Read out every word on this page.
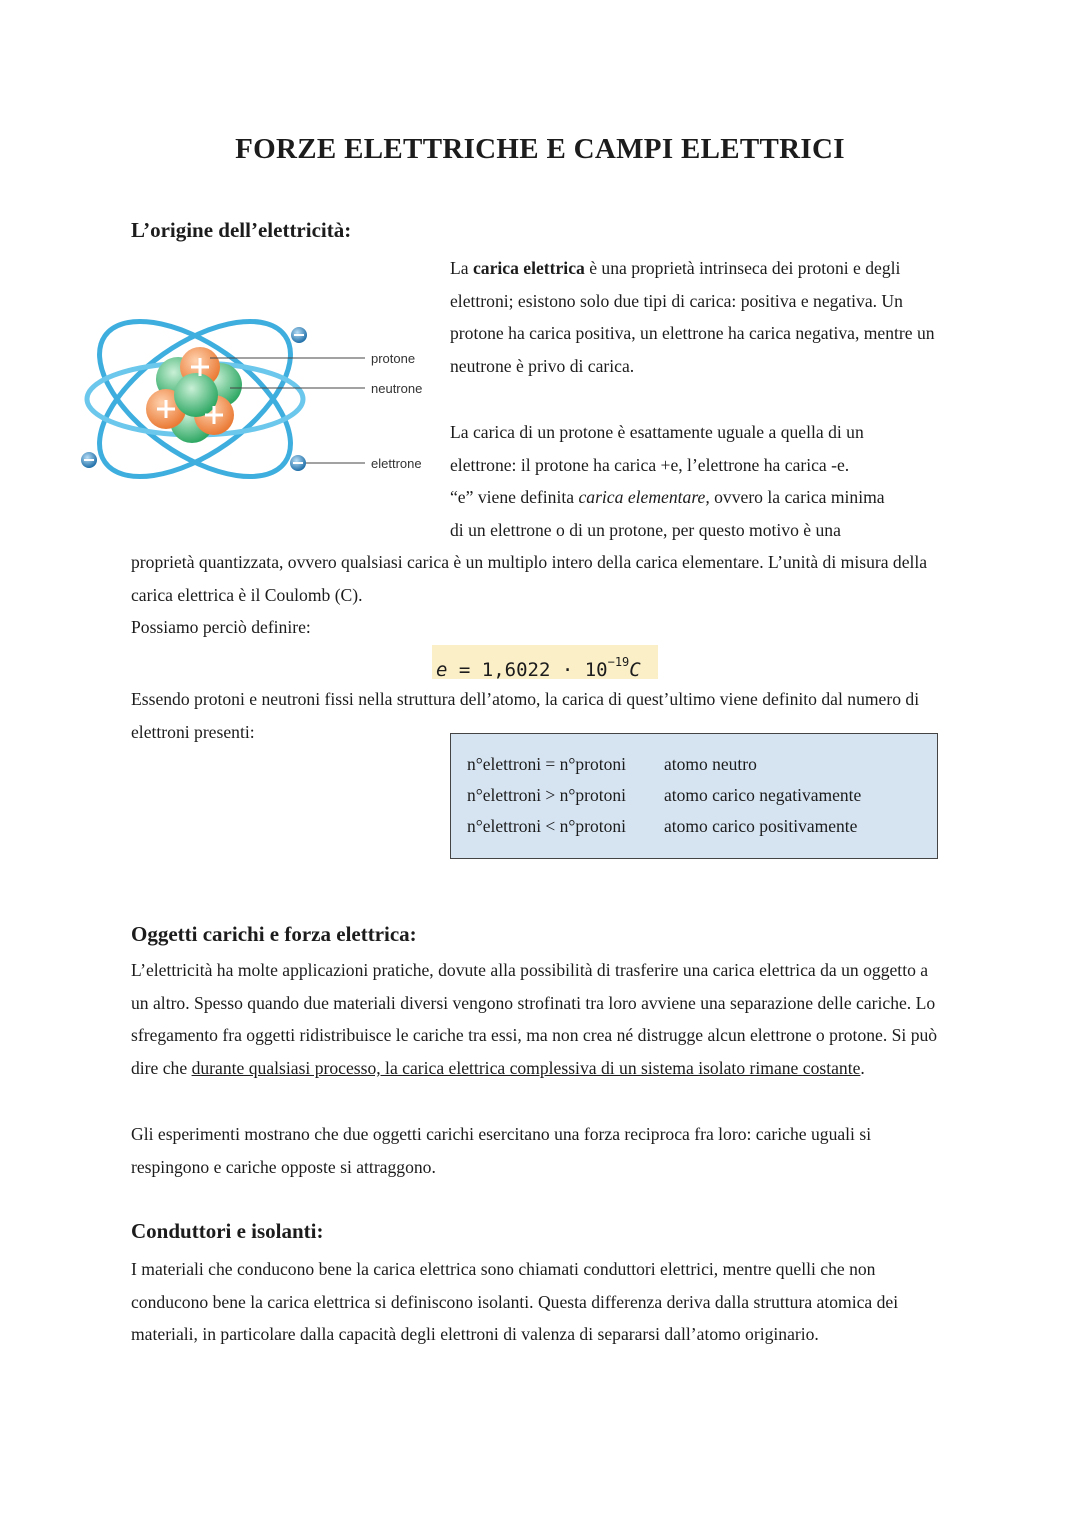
FORZE ELETTRICHE E CAMPI ELETTRICI
L’origine dell’elettricità:

La carica elettrica è una proprietà intrinseca dei protoni e degli elettroni; esistono solo due tipi di carica: positiva e negativa. Un protone ha carica positiva, un elettrone ha carica negativa, mentre un neutrone è privo di carica.

protone
neutrone
elettrone

La carica di un protone è esattamente uguale a quella di un

elettrone: il protone ha carica +e, l’elettrone ha carica -e.

“e” viene definita carica elementare, ovvero la carica minima

di un elettrone o di un protone, per questo motivo è una

proprietà quantizzata, ovvero qualsiasi carica è un multiplo intero della carica elementare. L’unità di misura della carica elettrica è il Coulomb (C).

Possiamo perciò definire:

$e = 1,6022 \cdot 10^{-19}C$

Essendo protoni e neutroni fissi nella struttura dell’atomo, la carica di quest’ultimo viene definito dal numero di elettroni presenti:

n°elettroni = n°protoni atomo neutro
n°elettroni > n°protoni atomo carico negativamente
n°elettroni < n°protoni atomo carico positivamente
Oggetti carichi e forza elettrica:

L’elettricità ha molte applicazioni pratiche, dovute alla possibilità di trasferire una carica elettrica da un oggetto a un altro. Spesso quando due materiali diversi vengono strofinati tra loro avviene una separazione delle cariche. Lo sfregamento fra oggetti ridistribuisce le cariche tra essi, ma non crea né distrugge alcun elettrone o protone. Si può dire che durante qualsiasi processo, la carica elettrica complessiva di un sistema isolato rimane costante.

Gli esperimenti mostrano che due oggetti carichi esercitano una forza reciproca fra loro: cariche uguali si respingono e cariche opposte si attraggono.

Conduttori e isolanti:

I materiali che conducono bene la carica elettrica sono chiamati conduttori elettrici, mentre quelli che non conducono bene la carica elettrica si definiscono isolanti. Questa differenza deriva dalla struttura atomica dei materiali, in particolare dalla capacità degli elettroni di valenza di separarsi dall’atomo originario.
